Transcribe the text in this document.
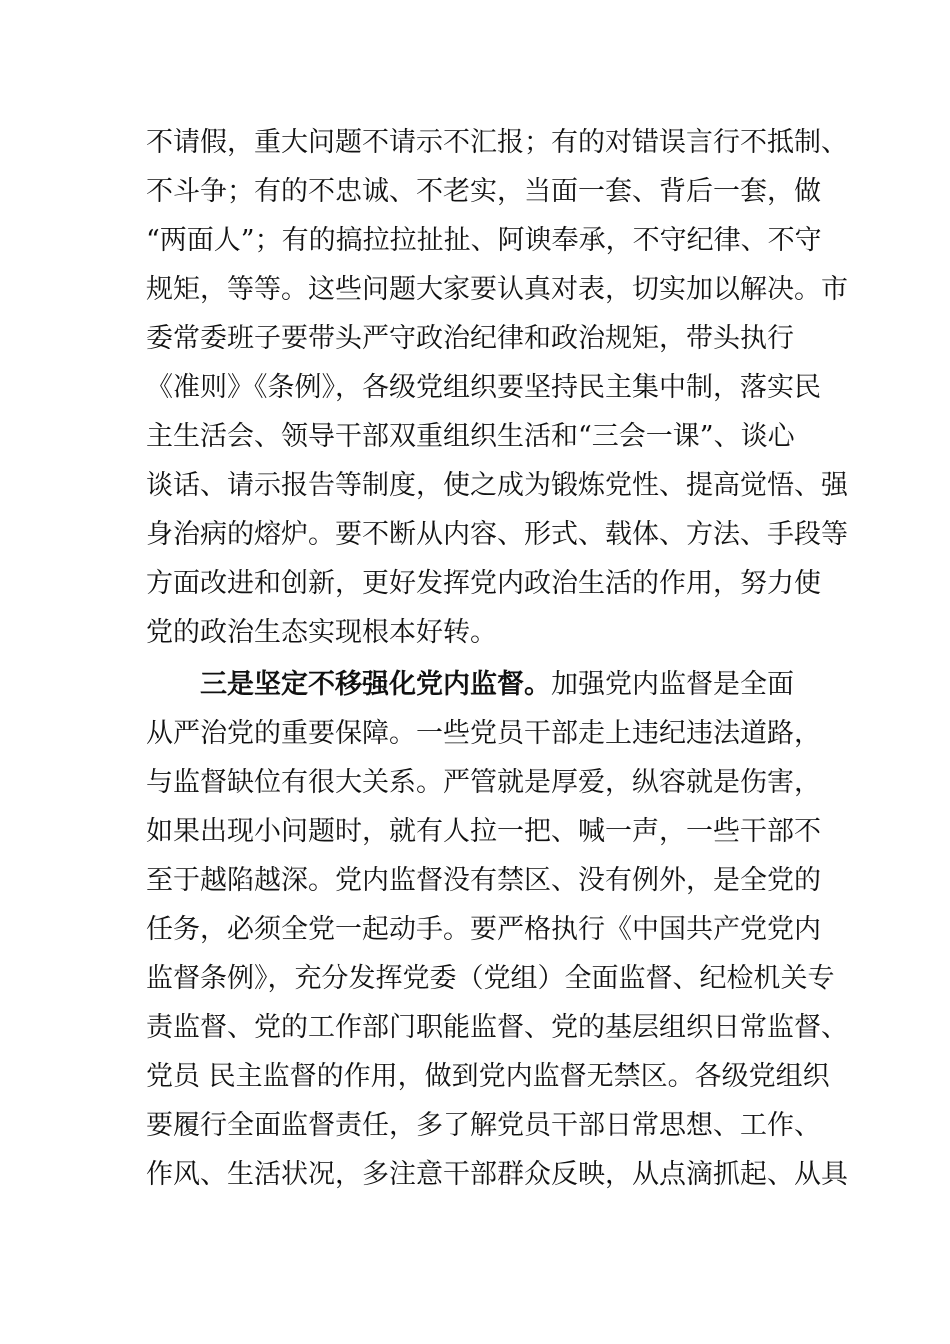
不请假，重大问题不请示不汇报；有的对错误言行不抵制、
不斗争；有的不忠诚、不老实，当面一套、背后一套，做
“两面人”；有的搞拉拉扯扯、阿谀奉承，不守纪律、不守
规矩，等等。这些问题大家要认真对表，切实加以解决。市
委常委班子要带头严守政治纪律和政治规矩，带头执行
《准则》《条例》，各级党组织要坚持民主集中制，落实民
主生活会、领导干部双重组织生活和“三会一课”、谈心
谈话、请示报告等制度，使之成为锻炼党性、提高觉悟、强
身治病的熔炉。要不断从内容、形式、载体、方法、手段等
方面改进和创新，更好发挥党内政治生活的作用，努力使
党的政治生态实现根本好转。
三是坚定不移强化党内监督。加强党内监督是全面
从严治党的重要保障。一些党员干部走上违纪违法道路，
与监督缺位有很大关系。严管就是厚爱，纵容就是伤害，
如果出现小问题时，就有人拉一把、喊一声，一些干部不
至于越陷越深。党内监督没有禁区、没有例外，是全党的
任务，必须全党一起动手。要严格执行《中国共产党党内
监督条例》，充分发挥党委（党组）全面监督、纪检机关专
责监督、党的工作部门职能监督、党的基层组织日常监督、
党员 民主监督的作用，做到党内监督无禁区。各级党组织
要履行全面监督责任，多了解党员干部日常思想、工作、
作风、生活状况，多注意干部群众反映，从点滴抓起、从具
